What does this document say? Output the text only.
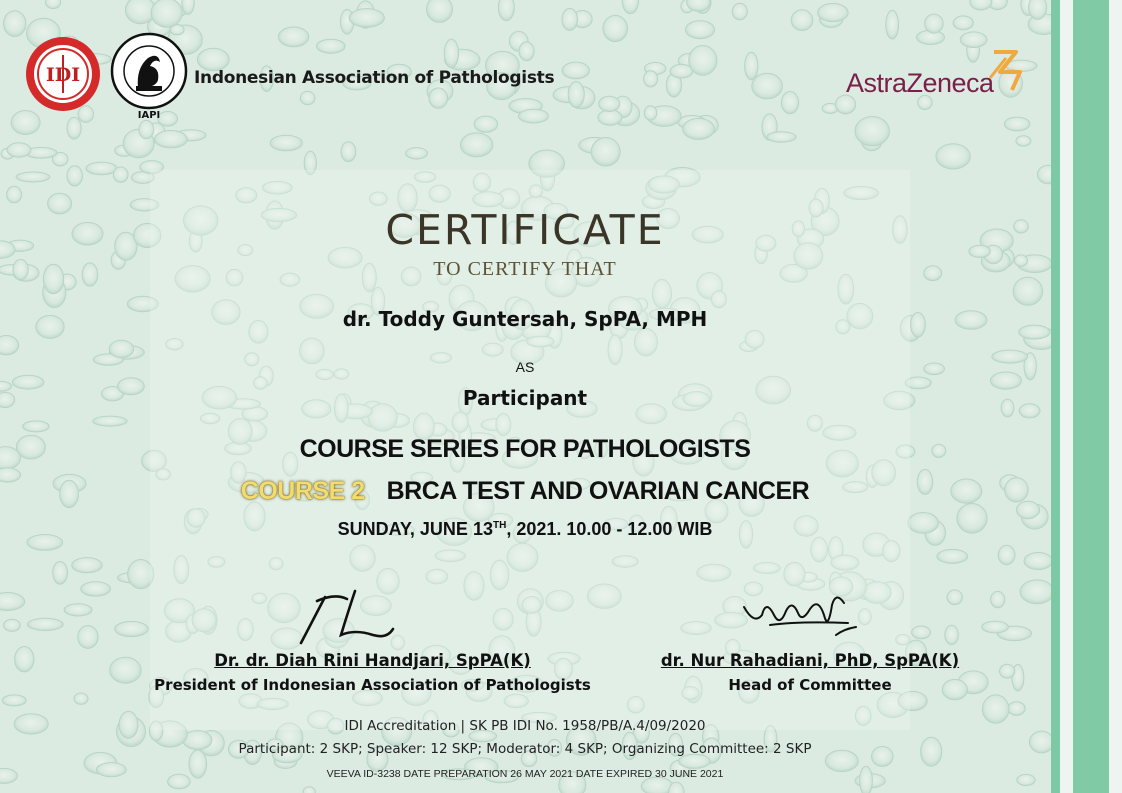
IDI
IAPI
Indonesian Association of Pathologists	AstraZeneca
CERTIFICATE
TO CERTIFY THAT
dr. Toddy Guntersah, SpPA, MPH
AS
Participant
COURSE SERIES FOR PATHOLOGISTS
COURSE 2 BRCA TEST AND OVARIAN CANCER
SUNDAY, JUNE 13TH, 2021. 10.00 - 12.00 WIB
Dr. dr. Diah Rini Handjari, SpPA(K)
President of Indonesian Association of Pathologists
dr. Nur Rahadiani, PhD, SpPA(K)
Head of Committee
IDI Accreditation | SK PB IDI No. 1958/PB/A.4/09/2020
Participant: 2 SKP; Speaker: 12 SKP; Moderator: 4 SKP; Organizing Committee: 2 SKP
VEEVA ID-3238 DATE PREPARATION 26 MAY 2021 DATE EXPIRED 30 JUNE 2021
